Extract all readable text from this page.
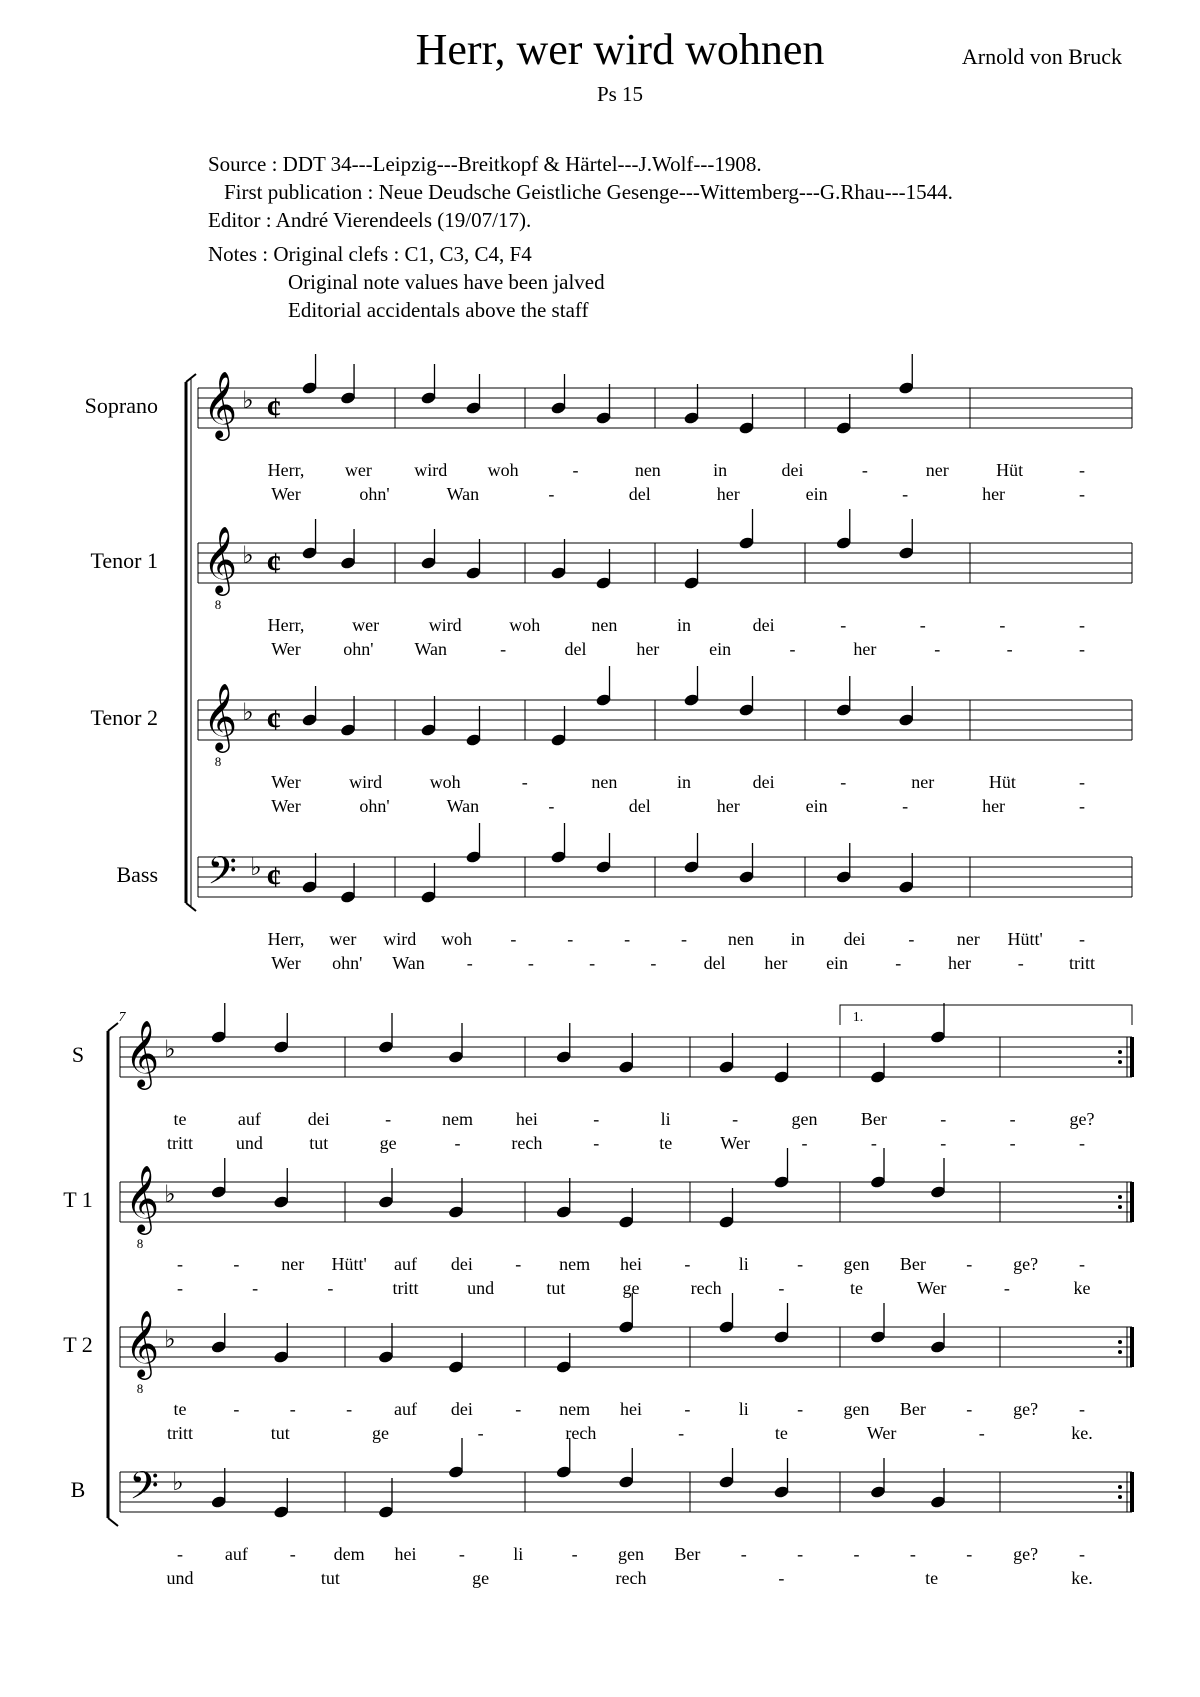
Herr, wer wird wohnen
Ps 15
Arnold von Bruck
Source : DDT 34---Leipzig---Breitkopf & Härtel---J.Wolf---1908.
First publication : Neue Deudsche Geistliche Gesenge---Wittemberg---G.Rhau---1544.
Editor : André Vierendeels (19/07/17).
Notes : Original clefs : C1, C3, C4, F4
Original note values have been jalved
Editorial accidentals above the staff
Soprano 𝄞 ♭ ¢
Herr, wer wird woh	-	nen	in	dei	-	ner	Hüt	-
Wer	ohn'	Wan	-	del	her	ein	-	her	-
Tenor 1 𝄞
8
♭ ¢
Herr,	wer	wird	woh	nen	in	dei	-	-	-	-
Wer ohn' Wan	-	del	her	ein	-	her	-	-	-
Tenor 2 𝄞
8
♭ ¢
Wer	wird	woh	-	nen	in	dei	-	ner	Hüt	-
Wer	ohn'	Wan	-	del	her	ein	-	her	-
Bass 𝄢 ♭ ¢
Herr, wer wird woh -	-	-	- nen in dei - ner Hütt' -
Wer ohn' Wan -	-	-	-	del her ein	-	her	-	tritt
7	1.
S 𝄞 ♭
te	auf	dei	-	nem hei	-	li	-	gen Ber	-	-	ge?
tritt und	tut	ge	-	rech	-	te	Wer	-	-	-	-	-
T 1 𝄞
8
♭
-	- ner Hütt' auf dei - nem hei -	li	- gen Ber - ge? -
-	-	-	tritt	und	tut	ge	rech	-	te	Wer	-	ke
T 2 𝄞
8
♭
te	-	-	- auf dei - nem hei -	li	- gen Ber - ge? -
tritt	tut	ge	-	rech	-	te	Wer	-	ke.
B 𝄢 ♭
- auf - dem hei -	li	- gen Ber -	-	-	-	- ge? -
und	tut	ge	rech	-	te	ke.
